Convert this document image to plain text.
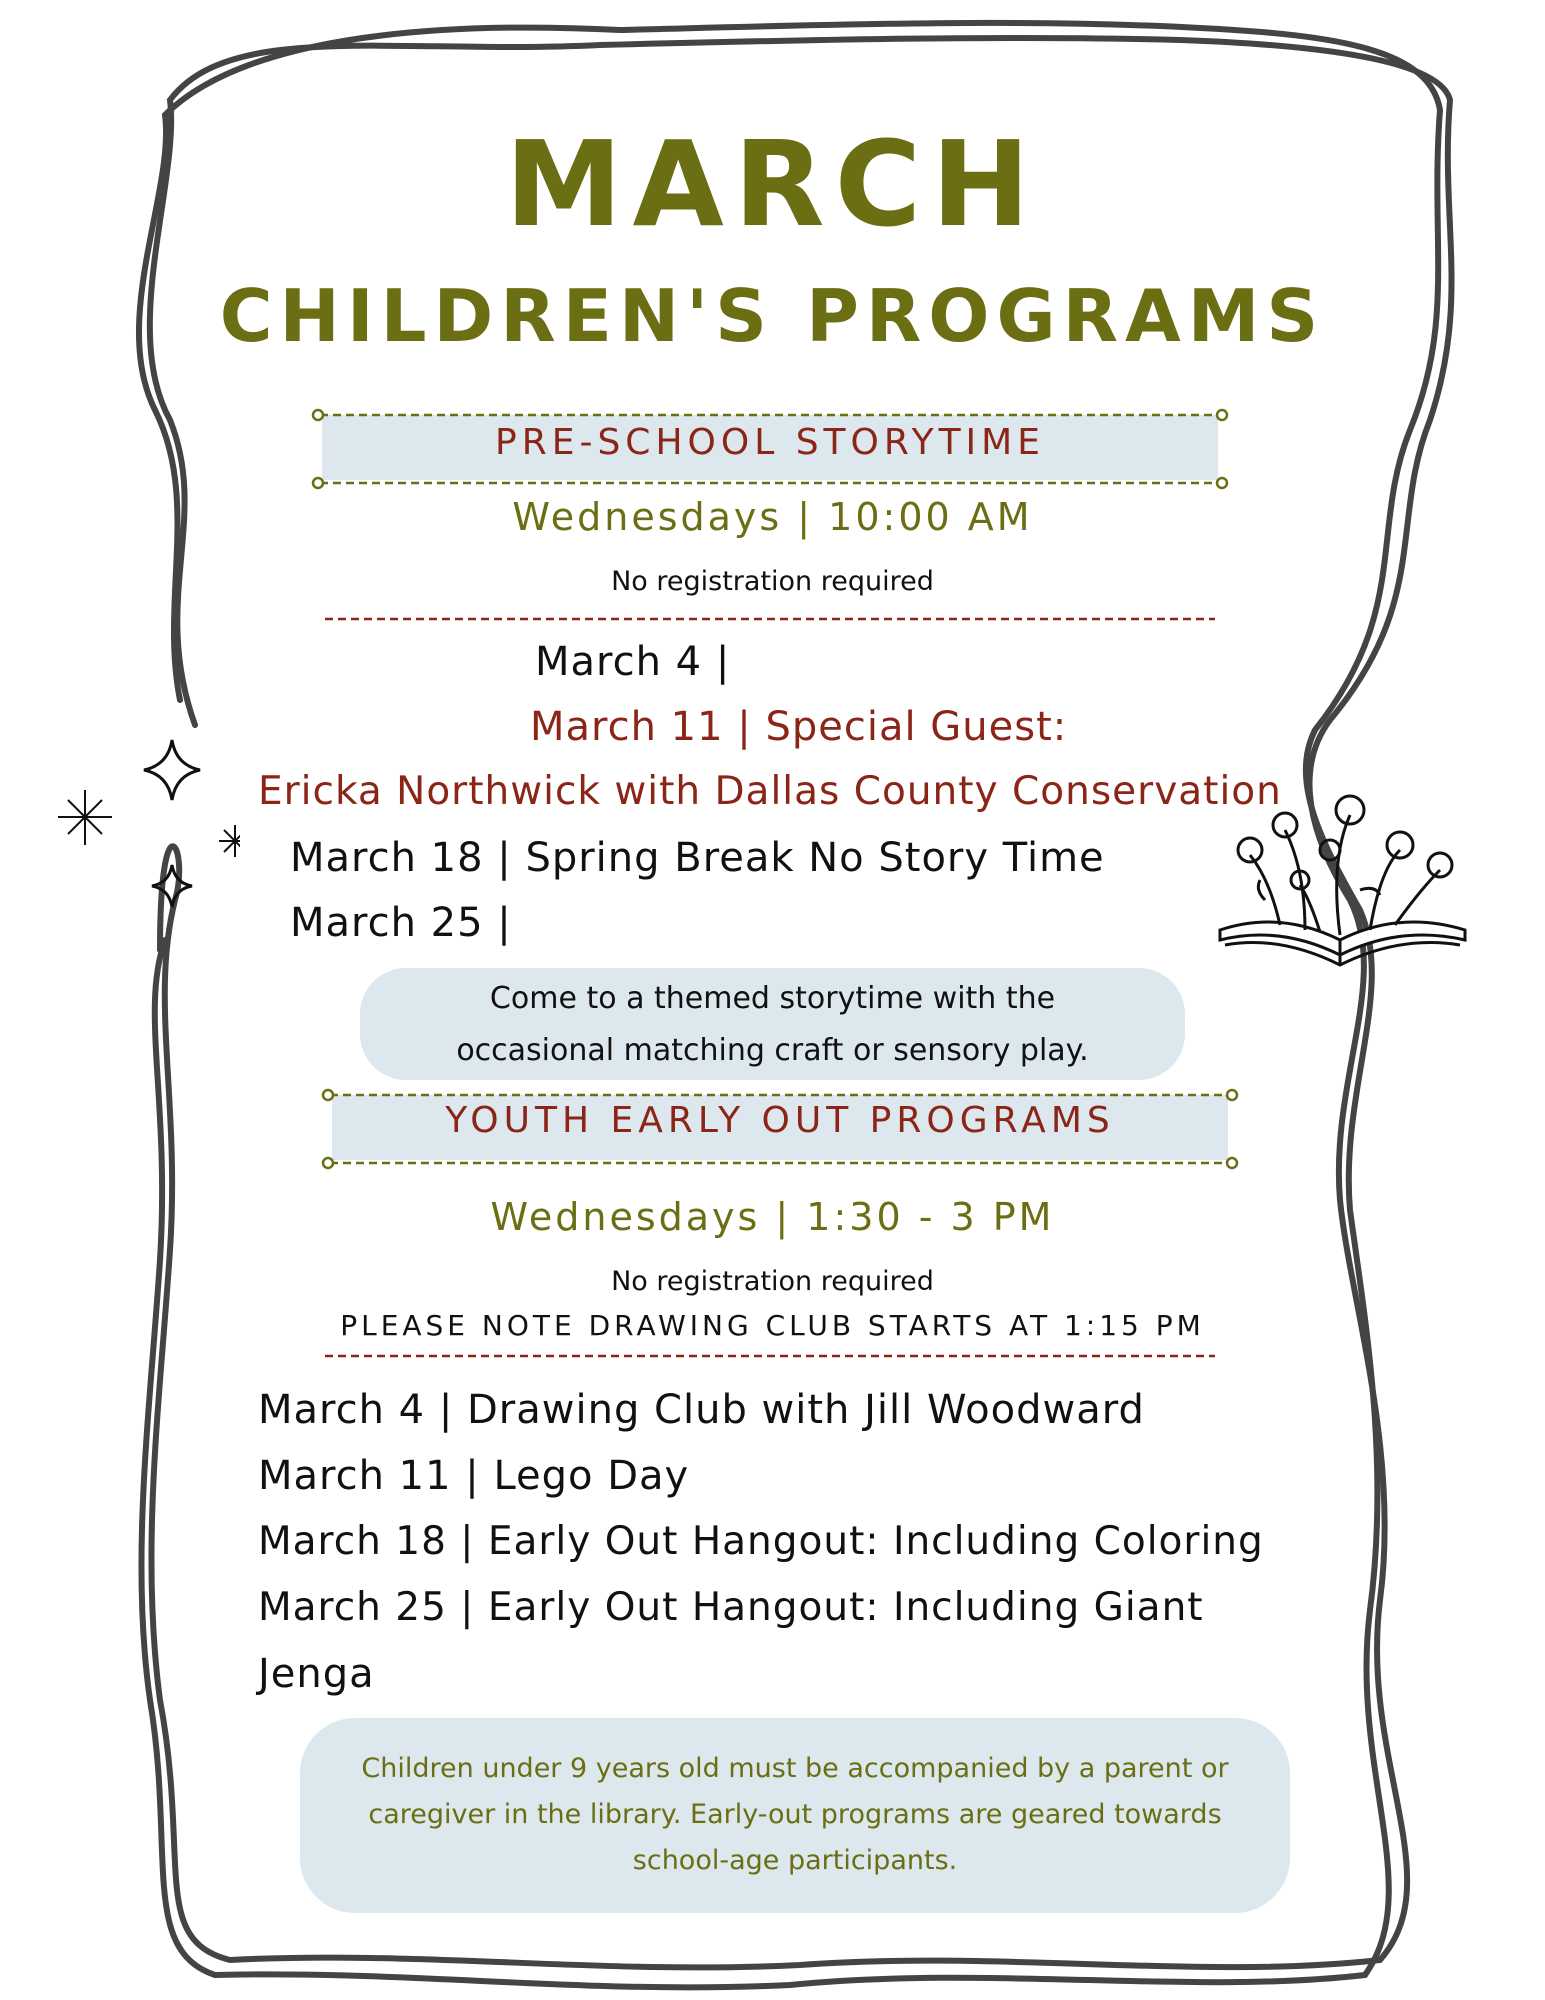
MARCH
CHILDREN'S PROGRAMS
PRE-SCHOOL STORYTIME
Wednesdays | 10:00 AM
No registration required
March 4 |
March 11 | Special Guest:
Ericka Northwick with Dallas County Conservation
March 18 | Spring Break No Story Time
March 25 |
Come to a themed storytime with the
occasional matching craft or sensory play.
YOUTH EARLY OUT PROGRAMS
Wednesdays | 1:30 - 3 PM
No registration required
PLEASE NOTE DRAWING CLUB STARTS AT 1:15 PM
March 4 | Drawing Club with Jill Woodward
March 11 | Lego Day
March 18 | Early Out Hangout: Including Coloring
March 25 | Early Out Hangout: Including Giant
Jenga
Children under 9 years old must be accompanied by a parent or
caregiver in the library. Early-out programs are geared towards
school-age participants.
